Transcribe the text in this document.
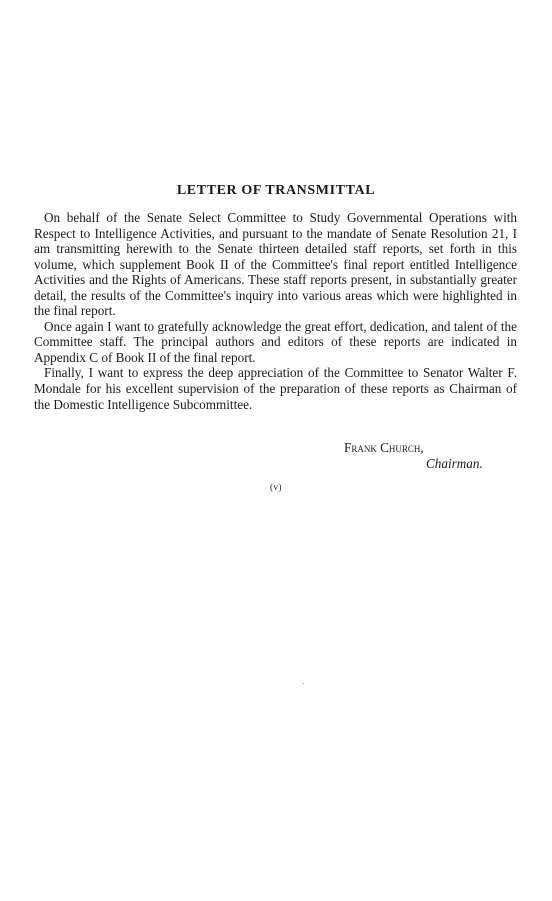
LETTER OF TRANSMITTAL

On behalf of the Senate Select Committee to Study Governmental Operations with Respect to Intelligence Activities, and pursuant to the mandate of Senate Resolution 21, I am transmitting herewith to the Senate thirteen detailed staff reports, set forth in this volume, which supplement Book II of the Committee's final report entitled Intelligence Activities and the Rights of Americans. These staff reports present, in substantially greater detail, the results of the Committee's inquiry into various areas which were highlighted in the final report.

Once again I want to gratefully acknowledge the great effort, dedication, and talent of the Committee staff. The principal authors and editors of these reports are indicated in Appendix C of Book II of the final report.

Finally, I want to express the deep appreciation of the Committee to Senator Walter F. Mondale for his excellent supervision of the preparation of these reports as Chairman of the Domestic Intelligence Subcommittee.

Frank Church,
Chairman.
(v)
